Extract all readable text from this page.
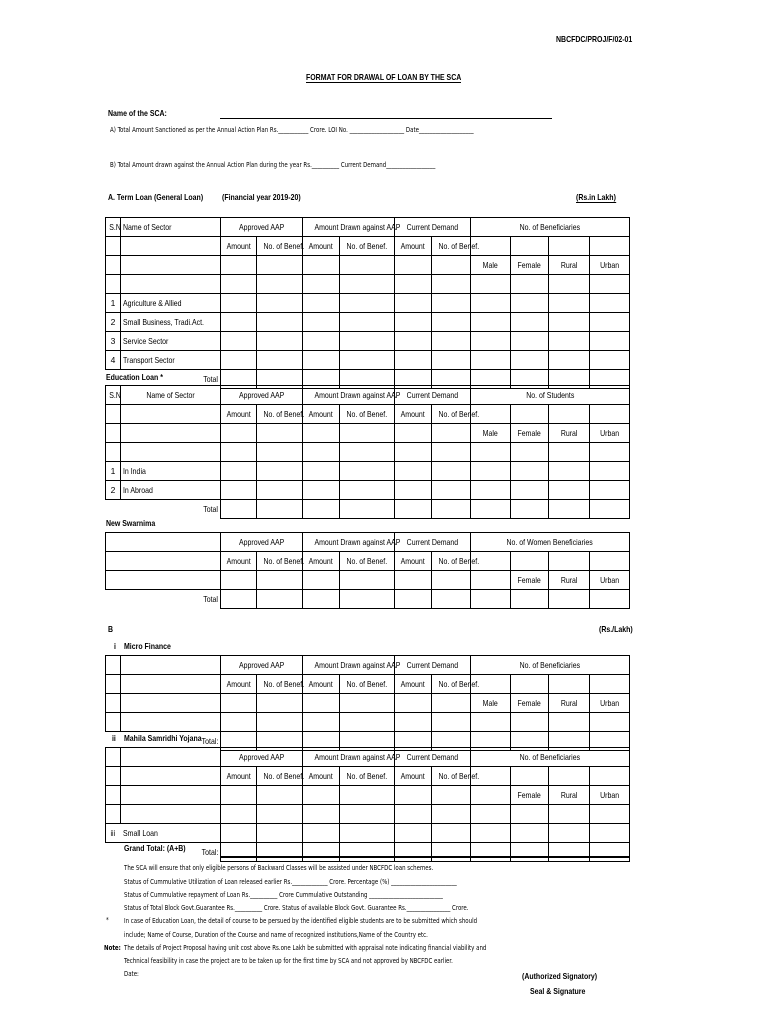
NBCFDC/PROJ/F/02-01
FORMAT FOR DRAWAL OF LOAN BY THE SCA
Name of the SCA:
A) Total Amount Sanctioned as per the Annual Action Plan Rs.___________ Crore. LOI No. ____________________ Date____________________
B) Total Amount drawn against the Annual Action Plan during the year Rs.__________ Current Demand__________________
A. Term Loan (General Loan) (Financial year 2019-20)	(Rs.in Lakh)
S.N	Name of Sector	Approved AAP		Amount Drawn against AAP		Current Demand		No. of Beneficiaries			
		Amount	No. of Benef.	Amount	No. of Benef.	Amount	No. of Benef.				
								Male	Female	Rural	Urban

1	Agriculture & Allied										
2	Small Business, Tradi.Act.										
3	Service Sector										
4	Transport Sector										
	Total										
Education Loan *
S.N	Name of Sector	Approved AAP		Amount Drawn against AAP		Current Demand		No. of Students			
		Amount	No. of Benef.	Amount	No. of Benef.	Amount	No. of Benef.				
								Male	Female	Rural	Urban

1	In India										
2	In Abroad										
	Total										
New Swarnima
	Approved AAP		Amount Drawn against AAP		Current Demand		No. of Women Beneficiaries			
	Amount	No. of Benef.	Amount	No. of Benef.	Amount	No. of Benef.				
								Female	Rural	Urban
Total										
B	(Rs./Lakh)
i Micro Finance
		Approved AAP		Amount Drawn against AAP		Current Demand		No. of Beneficiaries			
		Amount	No. of Benef.	Amount	No. of Benef.	Amount	No. of Benef.				
								Male	Female	Rural	Urban

	Total:										
ii Mahila Samridhi Yojana
		Approved AAP		Amount Drawn against AAP		Current Demand		No. of Beneficiaries			
		Amount	No. of Benef.	Amount	No. of Benef.	Amount	No. of Benef.				
									Female	Rural	Urban

iii	Small Loan										
	Total:										
Grand Total: (A+B)
The SCA will ensure that only eligible persons of Backward Classes will be assisted under NBCFDC loan schemes.
Status of Cummulative Utilization of Loan released earlier Rs._____________ Crore. Percentage (%) ________________________
Status of Cummulative repayment of Loan Rs.__________ Crore Cummulative Outstanding ___________________________
Status of Total Block Govt.Guarantee Rs.__________ Crore. Status of available Block Govt. Guarantee Rs.________________ Crore.
* In case of Education Loan, the detail of course to be persued by the identified eligible students are to be submitted which should
include; Name of Course, Duration of the Course and name of recognized institutions,Name of the Country etc.
Note: The details of Project Proposal having unit cost above Rs.one Lakh be submitted with appraisal note indicating financial viability and
Technical feasibility in case the project are to be taken up for the first time by SCA and not approved by NBCFDC earlier.
Date:	(Authorized Signatory)
Seal & Signature
